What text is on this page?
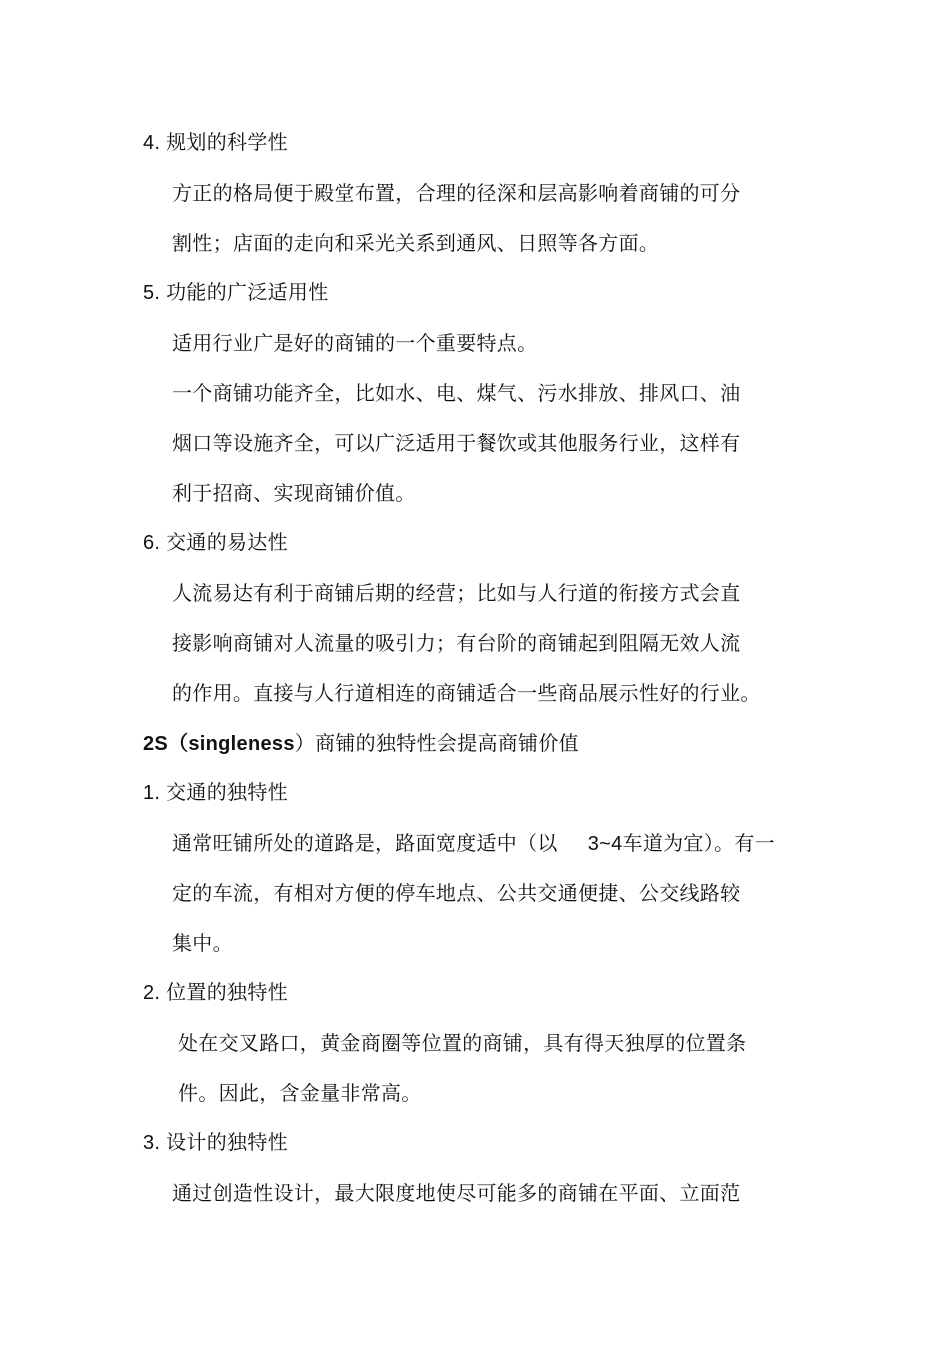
4. 规划的科学性
方正的格局便于殿堂布置，合理的径深和层高影响着商铺的可分
割性；店面的走向和采光关系到通风、日照等各方面。
5. 功能的广泛适用性
适用行业广是好的商铺的一个重要特点。
一个商铺功能齐全，比如水、电、煤气、污水排放、排风口、油
烟口等设施齐全，可以广泛适用于餐饮或其他服务行业，这样有
利于招商、实现商铺价值。
6. 交通的易达性
人流易达有利于商铺后期的经营；比如与人行道的衔接方式会直
接影响商铺对人流量的吸引力；有台阶的商铺起到阻隔无效人流
的作用。直接与人行道相连的商铺适合一些商品展示性好的行业。
2S（singleness）商铺的独特性会提高商铺价值
1. 交通的独特性
通常旺铺所处的道路是，路面宽度适中（以 3~4车道为宜）。有一
定的车流，有相对方便的停车地点、公共交通便捷、公交线路较
集中。
2. 位置的独特性
处在交叉路口，黄金商圈等位置的商铺，具有得天独厚的位置条
件。因此，含金量非常高。
3. 设计的独特性
通过创造性设计，最大限度地使尽可能多的商铺在平面、立面范
